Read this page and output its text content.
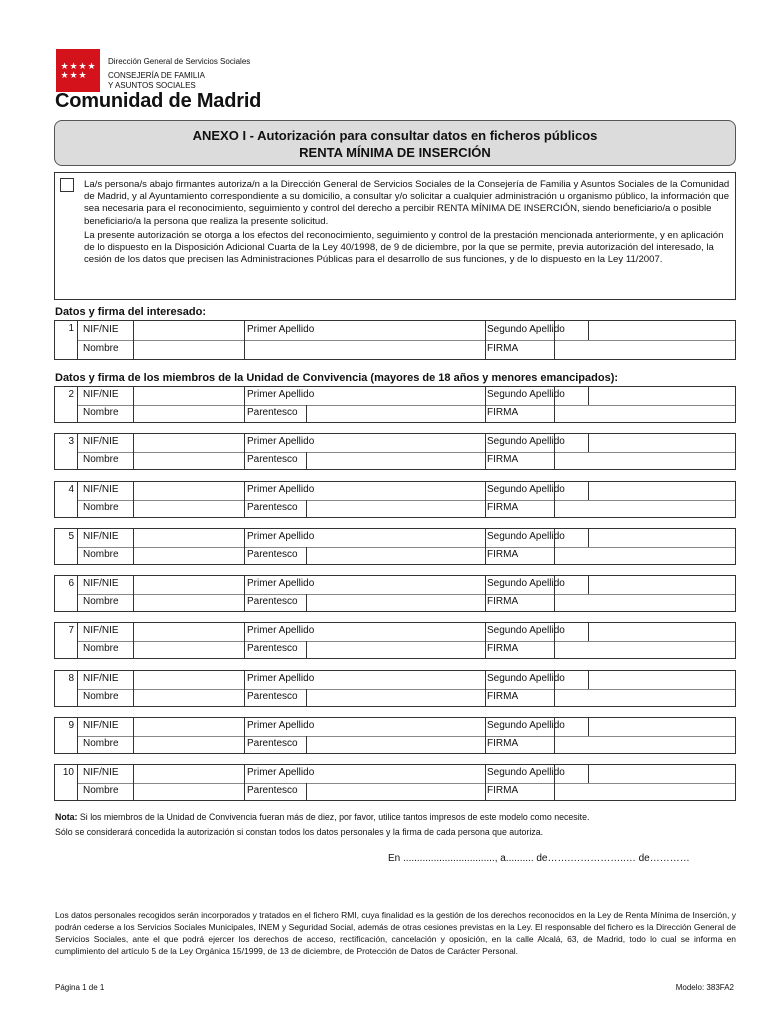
★ ★ ★ ★
★ ★ ★
Dirección General de Servicios Sociales
CONSEJERÍA DE FAMILIA
Y ASUNTOS SOCIALES
Comunidad de Madrid
ANEXO I - Autorización para consultar datos en ficheros públicos
RENTA MÍNIMA DE INSERCIÓN

La/s persona/s abajo firmantes autoriza/n a la Dirección General de Servicios Sociales de la Consejería de Familia y Asuntos Sociales de la Comunidad de Madrid, y al Ayuntamiento correspondiente a su domicilio, a consultar y/o solicitar a cualquier administración u organismo público, la información que sea necesaria para el reconocimiento, seguimiento y control del derecho a percibir RENTA MÍNIMA DE INSERCIÓN, siendo beneficiario/a o posible beneficiario/a la persona que realiza la presente solicitud.

La presente autorización se otorga a los efectos del reconocimiento, seguimiento y control de la prestación mencionada anteriormente, y en aplicación de lo dispuesto en la Disposición Adicional Cuarta de la Ley 40/1998, de 9 de diciembre, por la que se permite, previa autorización del interesado, la cesión de los datos que precisen las Administraciones Públicas para el desarrollo de sus funciones, y de lo dispuesto en la Ley 11/2007.

Datos y firma del interesado:
1 NIF/NIE
Nombre
Primer Apellido	Segundo Apellido
FIRMA
Datos y firma de los miembros de la Unidad de Convivencia (mayores de 18 años y menores emancipados):
2 NIF/NIE
Nombre
Primer Apellido
Parentesco
Segundo Apellido
FIRMA
3 NIF/NIE
Nombre
Primer Apellido
Parentesco
Segundo Apellido
FIRMA
4 NIF/NIE
Nombre
Primer Apellido
Parentesco
Segundo Apellido
FIRMA
5 NIF/NIE
Nombre
Primer Apellido
Parentesco
Segundo Apellido
FIRMA
6 NIF/NIE
Nombre
Primer Apellido
Parentesco
Segundo Apellido
FIRMA
7 NIF/NIE
Nombre
Primer Apellido
Parentesco
Segundo Apellido
FIRMA
8 NIF/NIE
Nombre
Primer Apellido
Parentesco
Segundo Apellido
FIRMA
9 NIF/NIE
Nombre
Primer Apellido
Parentesco
Segundo Apellido
FIRMA
10 NIF/NIE
Nombre
Primer Apellido
Parentesco
Segundo Apellido
FIRMA
Nota: Si los miembros de la Unidad de Convivencia fueran más de diez, por favor, utilice tantos impresos de este modelo como necesite.
Sólo se considerará concedida la autorización si constan todos los datos personales y la firma de cada persona que autoriza.
En ................................., a.......... de…….……………..… de…………
Los datos personales recogidos serán incorporados y tratados en el fichero RMI, cuya finalidad es la gestión de los derechos reconocidos en la Ley de Renta Mínima de Inserción, y podrán cederse a los Servicios Sociales Municipales, INEM y Seguridad Social, además de otras cesiones previstas en la Ley. El responsable del fichero es la Dirección General de Servicios Sociales, ante el que podrá ejercer los derechos de acceso, rectificación, cancelación y oposición, en la calle Alcalá, 63, de Madrid, todo lo cual se informa en cumplimiento del artículo 5 de la Ley Orgánica 15/1999, de 13 de diciembre, de Protección de Datos de Carácter Personal.
Página 1 de 1	Modelo: 383FA2
